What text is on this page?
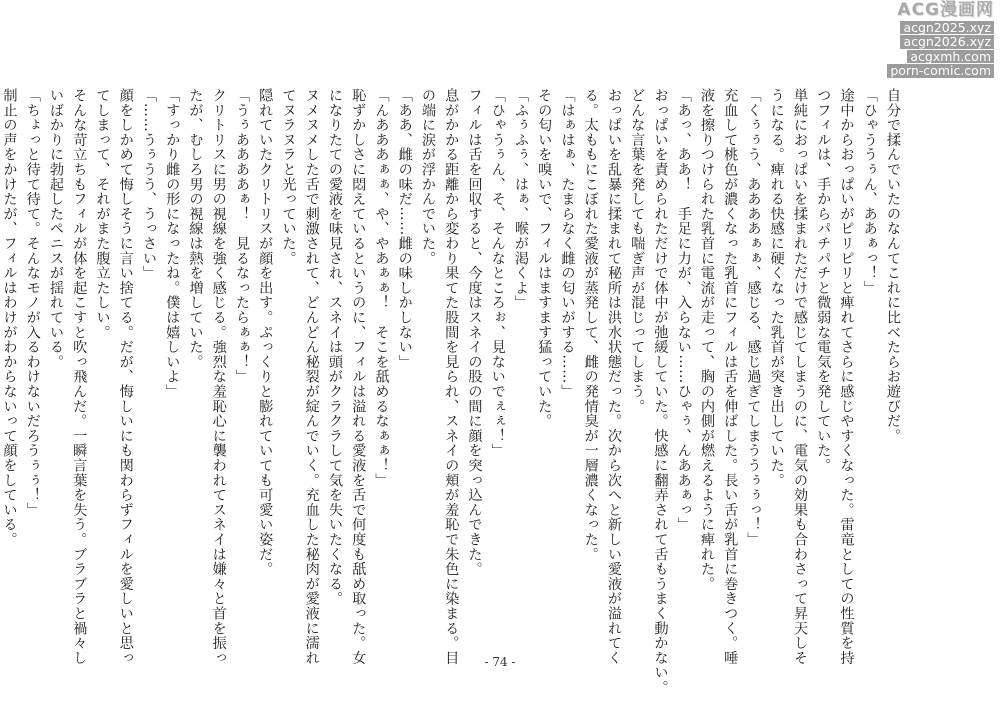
ACG漫画网
acgn2025.xyz
acgn2026.xyz
acgxmh.com
porn-comic.com
自分で揉んでいたのなんてこれに比べたらお遊びだ。
「ひゃううぅん、ああぁっ！」
途中からおっぱいがピリピリと痺れてさらに感じやすくなった。雷竜としての性質を持
つフィルは、手からパチパチと微弱な電気を発していた。
単純におっぱいを揉まれただけで感じてしまうのに、電気の効果も合わさって昇天しそ
うになる。痺れる快感に硬くなった乳首が突き出していた。
「くぅぅう、ああああぁぁ、感じる、感じ過ぎてしまううぅぅっ！」
充血して桃色が濃くなった乳首にフィルは舌を伸ばした。長い舌が乳首に巻きつく。唾
液を擦りつけられた乳首に電流が走って、胸の内側が燃えるように痺れた。
「あっ、ああ！　手足に力が、入らない……ひゃぅ、んああぁっ」
おっぱいを責められただけで体中が弛緩していた。快感に翻弄されて舌もうまく動かない。
どんな言葉を発しても喘ぎ声が混じってしまう。
おっぱいを乱暴に揉まれて秘所は洪水状態だった。次から次へと新しい愛液が溢れてく
る。太ももにこぼれた愛液が蒸発して、雌の発情臭が一層濃くなった。
「はぁはぁ、たまらなく雌の匂いがする……」
その匂いを嗅いで、フィルはますます猛っていた。
「ふぅふぅ、はぁ、喉が渇くよ」
「ひゃうぅん、そ、そんなところぉ、見ないでぇぇ！」
フィルは舌を回収すると、今度はスネイの股の間に顔を突っ込んできた。
息がかかる距離から変わり果てた股間を見られ、スネイの頬が羞恥で朱色に染まる。目
の端に涙が浮かんでいた。
「ああ、雌の味だ……雌の味しかしない」
「んあああぁぁ、や、やあぁぁ！　そこを舐めるなぁぁ！」
恥ずかしさに悶えているというのに、フィルは溢れる愛液を舌で何度も舐め取った。女
になりたての愛液を味見され、スネイは頭がクラクラして気を失いたくなる。
ヌメヌメした舌で刺激されて、どんどん秘裂が綻んでいく。充血した秘肉が愛液に濡れ
てヌラヌラと光っていた。
隠れていたクリトリスが顔を出す。ぷっくりと膨れていても可愛い姿だ。
「うぅああああぁ！　見るなったらぁぁ！」
クリトリスに男の視線を強く感じる。強烈な羞恥心に襲われてスネイは嫌々と首を振っ
たが、むしろ男の視線は熱を増していた。
「すっかり雌の形になったね。僕は嬉しいよ」
「……うぅうう、うっさい」
顔をしかめて悔しそうに言い捨てる。だが、悔しいにも関わらずフィルを愛しいと思っ
てしまって、それがまた腹立たしい。
そんな苛立ちもフィルが体を起こすと吹っ飛んだ。一瞬言葉を失う。ブラブラと禍々し
いばかりに勃起したペニスが揺れている。
「ちょっと待て待て。そんなモノが入るわけないだろうぅぅ！」
制止の声をかけたが、フィルはわけがわからないって顔をしている。
- 74 -
